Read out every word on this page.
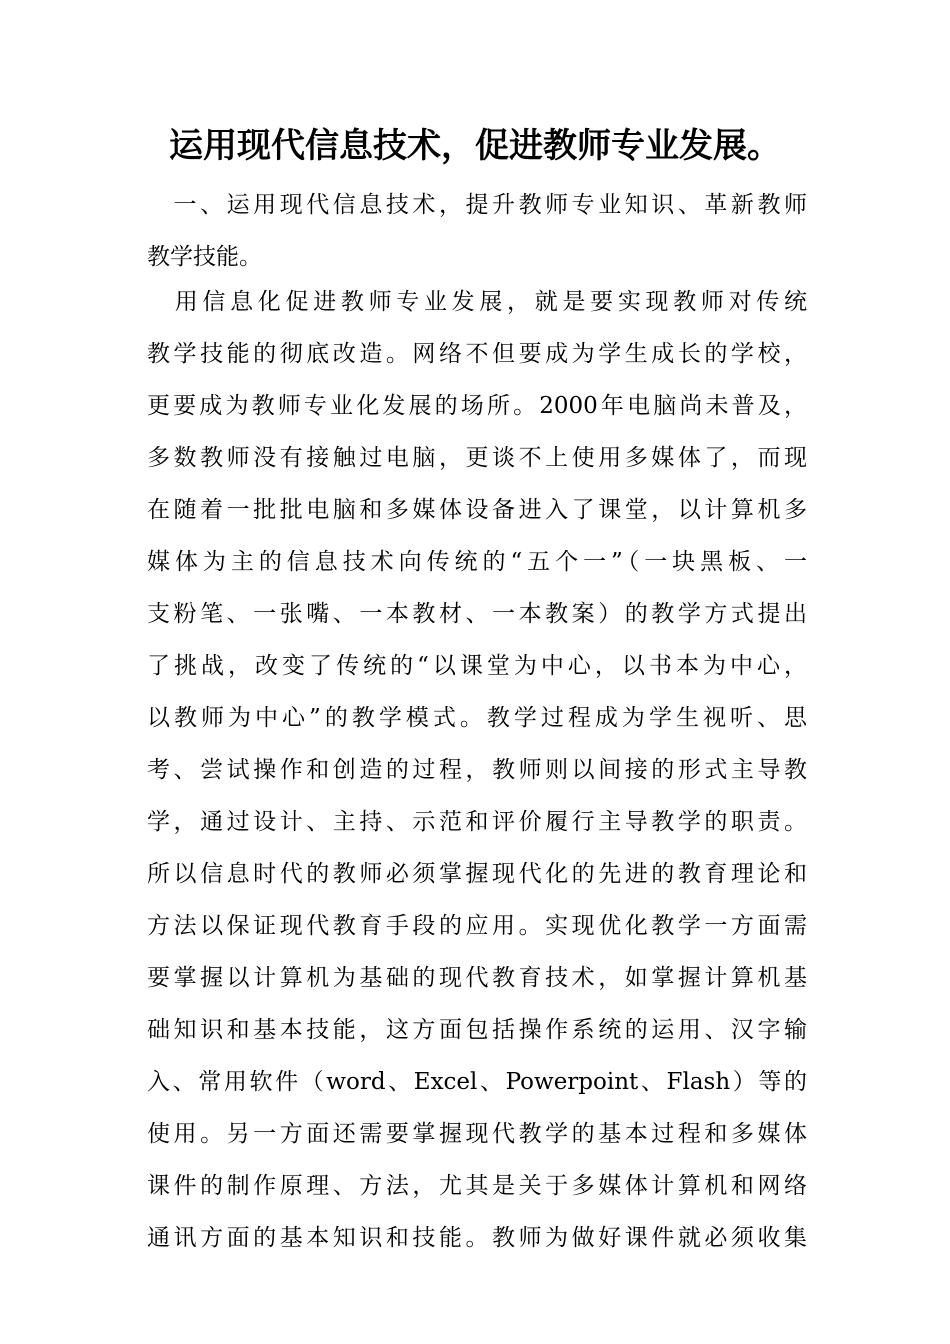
运用现代信息技术，促进教师专业发展。
　一、运用现代信息技术，提升教师专业知识、革新教师
教学技能。
　用信息化促进教师专业发展，就是要实现教师对传统
教学技能的彻底改造。网络不但要成为学生成长的学校，
更要成为教师专业化发展的场所。2000年电脑尚未普及，
多数教师没有接触过电脑，更谈不上使用多媒体了，而现
在随着一批批电脑和多媒体设备进入了课堂，以计算机多
媒体为主的信息技术向传统的“五个一”（一块黑板、一
支粉笔、一张嘴、一本教材、一本教案）的教学方式提出
了挑战，改变了传统的“以课堂为中心，以书本为中心，
以教师为中心”的教学模式。教学过程成为学生视听、思
考、尝试操作和创造的过程，教师则以间接的形式主导教
学，通过设计、主持、示范和评价履行主导教学的职责。
所以信息时代的教师必须掌握现代化的先进的教育理论和
方法以保证现代教育手段的应用。实现优化教学一方面需
要掌握以计算机为基础的现代教育技术，如掌握计算机基
础知识和基本技能，这方面包括操作系统的运用、汉字输
入、常用软件（word、Excel、Powerpoint、Flash）等的
使用。另一方面还需要掌握现代教学的基本过程和多媒体
课件的制作原理、方法，尤其是关于多媒体计算机和网络
通讯方面的基本知识和技能。教师为做好课件就必须收集
